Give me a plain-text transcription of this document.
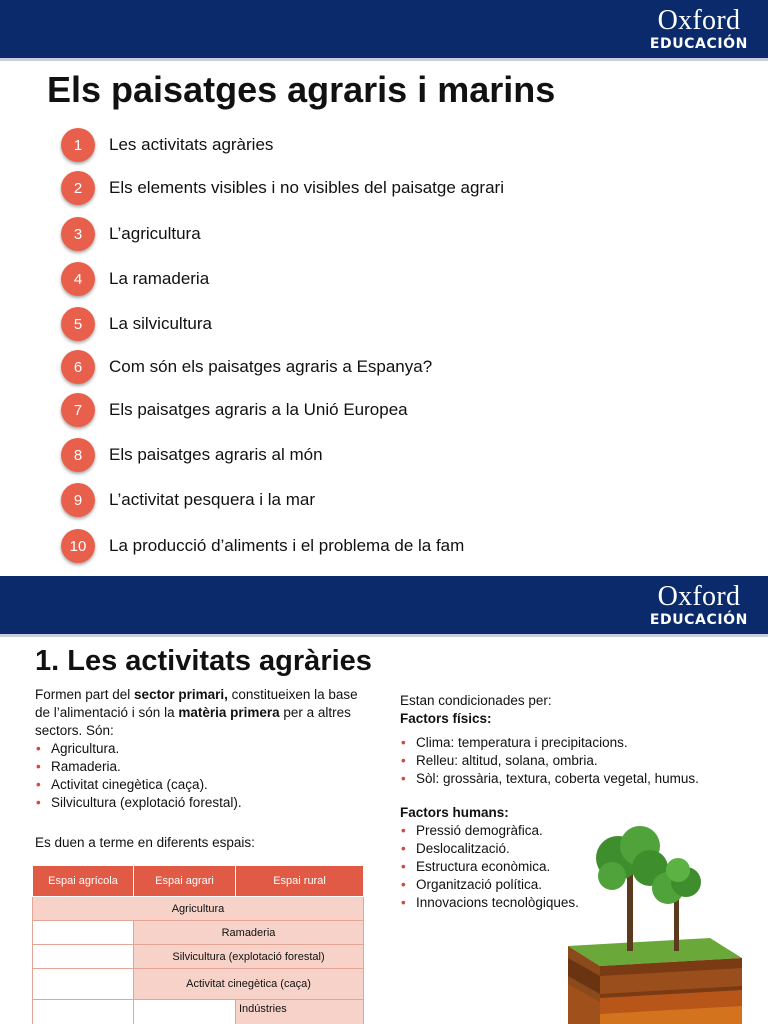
Oxford
EDUCACIÓN
Els paisatges agraris i marins
1	Les activitats agràries
2	Els elements visibles i no visibles del paisatge agrari
3	L’agricultura
4	La ramaderia
5	La silvicultura
6	Com són els paisatges agraris a Espanya?
7	Els paisatges agraris a la Unió Europea
8	Els paisatges agraris al món
9	L’activitat pesquera i la mar
10	La producció d’aliments i el problema de la fam
Oxford
EDUCACIÓN
1. Les activitats agràries

Formen part del sector primari, constitueixen la base de l’alimentació i són la matèria primera per a altres sectors. Són:

• Agricultura.
• Ramaderia.
• Activitat cinegètica (caça).
• Silvicultura (explotació forestal).
Es duen a terme en diferents espais:
Espai agrícola	Espai agrari	Espai rural
Agricultura		
	Ramaderia	
	Silvicultura (explotació forestal)	
	Activitat cinegètica (caça)	
		Indústries
Estan condicionades per:
Factors físics:
• Clima: temperatura i precipitacions.
• Relleu: altitud, solana, ombria.
• Sòl: grossària, textura, coberta vegetal, humus.
Factors humans:
• Pressió demogràfica.
• Deslocalització.
• Estructura econòmica.
• Organització política.
• Innovacions tecnològiques.
